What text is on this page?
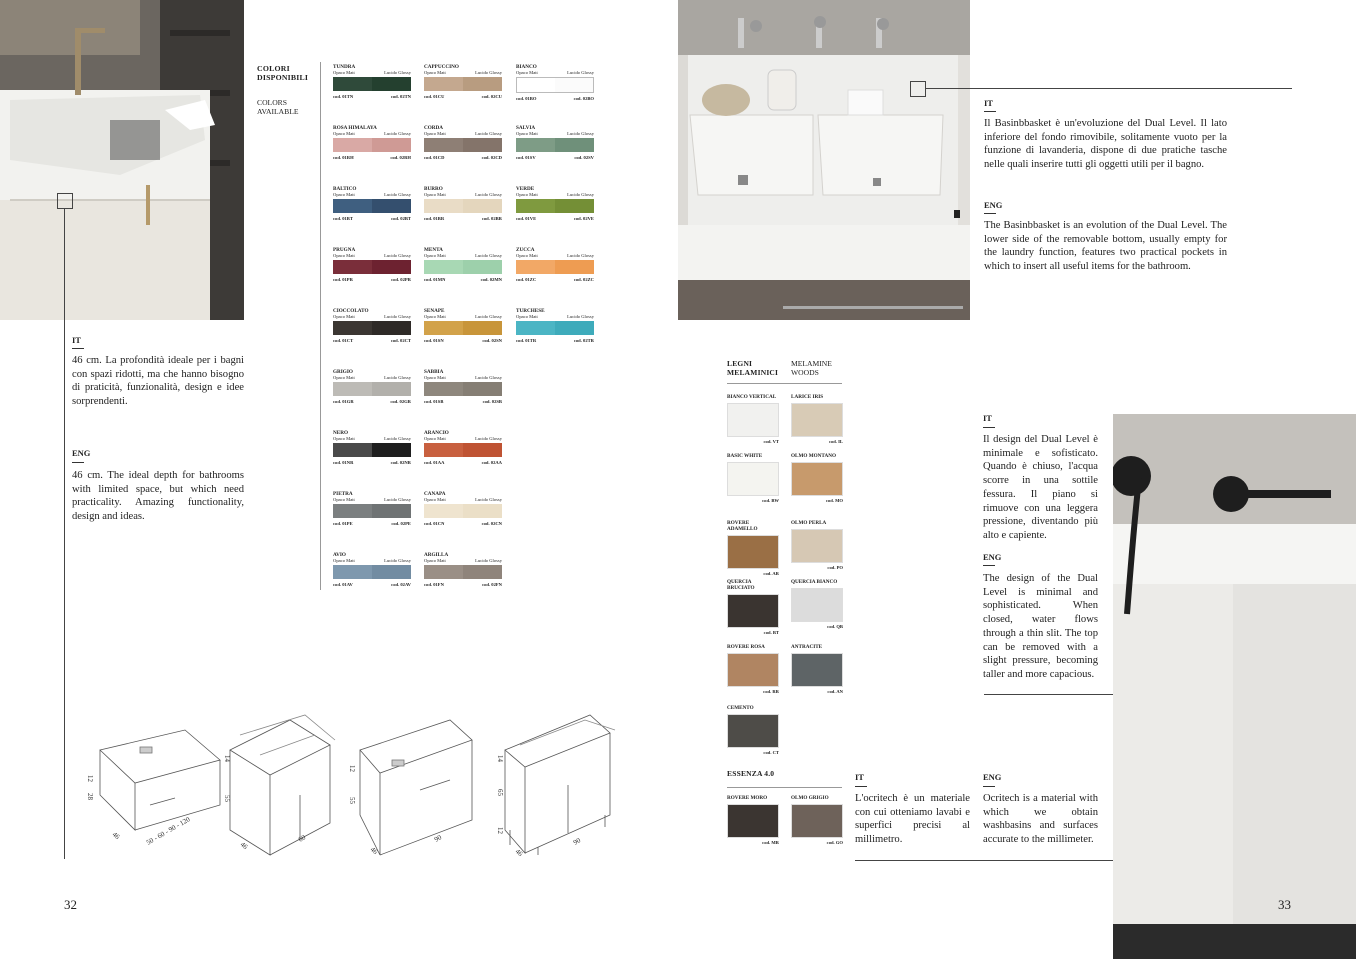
COLORI DISPONIBILI
COLORS AVAILABLE
TUNDRA
Opaco Matt	Lucido Glossy
cod. 01TN	cod. 02TN
CAPPUCCINO
Opaco Matt	Lucido Glossy
cod. 01CU	cod. 02CU
BIANCO
Opaco Matt	Lucido Glossy
cod. 01BO	cod. 02BO
ROSA HIMALAYA
Opaco Matt	Lucido Glossy
cod. 01RH	cod. 02RH
CORDA
Opaco Matt	Lucido Glossy
cod. 01CD	cod. 02CD
SALVIA
Opaco Matt	Lucido Glossy
cod. 01SV	cod. 02SV
BALTICO
Opaco Matt	Lucido Glossy
cod. 01BT	cod. 02BT
BURRO
Opaco Matt	Lucido Glossy
cod. 01BR	cod. 02BR
VERDE
Opaco Matt	Lucido Glossy
cod. 01VE	cod. 02VE
PRUGNA
Opaco Matt	Lucido Glossy
cod. 01PR	cod. 02PR
MENTA
Opaco Matt	Lucido Glossy
cod. 01MN	cod. 02MN
ZUCCA
Opaco Matt	Lucido Glossy
cod. 01ZC	cod. 02ZC
CIOCCOLATO
Opaco Matt	Lucido Glossy
cod. 01CT	cod. 02CT
SENAPE
Opaco Matt	Lucido Glossy
cod. 01SN	cod. 02SN
TURCHESE
Opaco Matt	Lucido Glossy
cod. 01TR	cod. 02TR
GRIGIO
Opaco Matt	Lucido Glossy
cod. 01GR	cod. 02GR
SABBIA
Opaco Matt	Lucido Glossy
cod. 01SB	cod. 02SB
NERO
Opaco Matt	Lucido Glossy
cod. 01NR	cod. 02NR
ARANCIO
Opaco Matt	Lucido Glossy
cod. 01AA	cod. 02AA
PIETRA
Opaco Matt	Lucido Glossy
cod. 01PE	cod. 02PE
CANAPA
Opaco Matt	Lucido Glossy
cod. 01CN	cod. 02CN
AVIO
Opaco Matt	Lucido Glossy
cod. 01AV	cod. 02AV
ARGILLA
Opaco Matt	Lucido Glossy
cod. 01FN	cod. 02FN
IT
46 cm. La profondità ideale per i bagni con spazi ridotti, ma che hanno bisogno di praticità, funzionalità, design e idee sorprendenti.
ENG
46 cm. The ideal depth for bathrooms with limited space, but which need practicality. Amazing functionality, design and ideas.
12
28
46	50 - 60 - 90 - 120
14
55
46
60
12
55
46
90
14
65
12
46
90
32
IT
Il Basinbbasket è un'evoluzione del Dual Level. Il lato inferiore del fondo rimovibile, solitamente vuoto per la funzione di lavanderia, dispone di due pratiche tasche nelle quali inserire tutti gli oggetti utili per il bagno.
ENG
The Basinbbasket is an evolution of the Dual Level. The lower side of the removable bottom, usually empty for the laundry function, features two practical pockets in which to insert all useful items for the bathroom.
LEGNI MELAMINICI
MELAMINE WOODS
BIANCO VERTICAL
cod. VT
LARICE IRIS
cod. IL
BASIC WHITE
cod. BW
OLMO MONTANO
cod. MO
ROVERE ADAMELLO
cod. AR
OLMO PERLA
cod. PO
QUERCIA BRUCIATO
cod. BT
QUERCIA BIANCO
cod. QB
ROVERE ROSA
cod. RR
ANTRACITE
cod. AN
CEMENTO
cod. CT
ESSENZA 4.0
ROVERE MORO
cod. MR
OLMO GRIGIO
cod. GO
IT
Il design del Dual Level è minimale e sofisticato. Quando è chiuso, l'acqua scorre in una sottile fessura. Il piano si rimuove con una leggera pressione, diventando più alto e capiente.
ENG
The design of the Dual Level is minimal and sophisticated. When closed, water flows through a thin slit. The top can be removed with a slight pressure, becoming taller and more capacious.
IT
L'ocritech è un materiale con cui otteniamo lavabi e superfici precisi al millimetro.
ENG
Ocritech is a material with which we obtain washbasins and surfaces accurate to the millimeter.
33
